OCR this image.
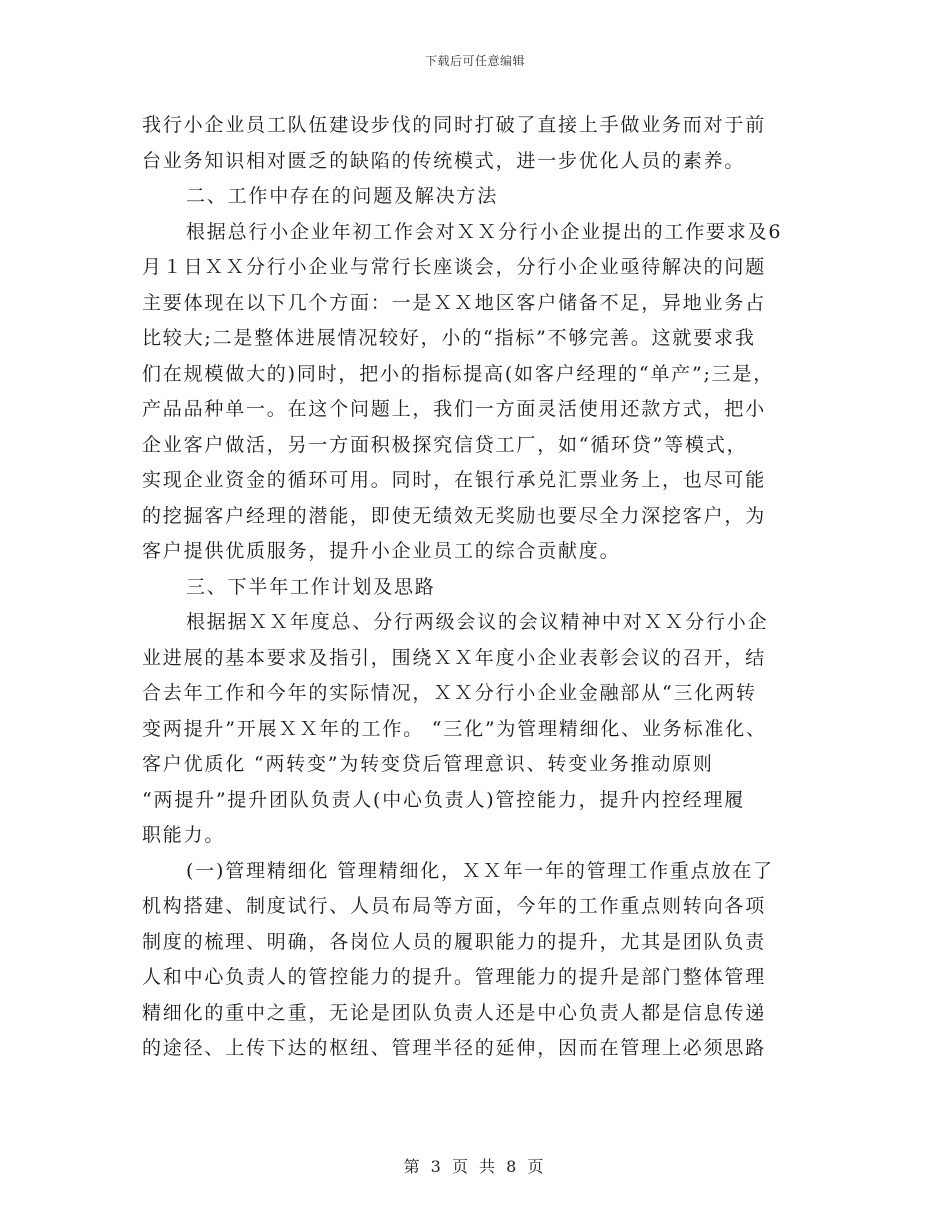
下载后可任意编辑
我行小企业员工队伍建设步伐的同时打破了直接上手做业务而对于前
台业务知识相对匮乏的缺陷的传统模式，进一步优化人员的素养。
二、工作中存在的问题及解决方法
根据总行小企业年初工作会对ＸＸ分行小企业提出的工作要求及6
月１日ＸＸ分行小企业与常行长座谈会，分行小企业亟待解决的问题
主要体现在以下几个方面：一是ＸＸ地区客户储备不足，异地业务占
比较大;二是整体进展情况较好，小的“指标”不够完善。这就要求我
们在规模做大的)同时，把小的指标提高(如客户经理的“单产”;三是，
产品品种单一。在这个问题上，我们一方面灵活使用还款方式，把小
企业客户做活，另一方面积极探究信贷工厂，如“循环贷”等模式，
实现企业资金的循环可用。同时，在银行承兑汇票业务上，也尽可能
的挖掘客户经理的潜能，即使无绩效无奖励也要尽全力深挖客户，为
客户提供优质服务，提升小企业员工的综合贡献度。
三、下半年工作计划及思路
根据据ＸＸ年度总、分行两级会议的会议精神中对ＸＸ分行小企
业进展的基本要求及指引，围绕ＸＸ年度小企业表彰会议的召开，结
合去年工作和今年的实际情况，ＸＸ分行小企业金融部从“三化两转
变两提升”开展ＸＸ年的工作。 “三化”为管理精细化、业务标准化、
客户优质化 “两转变”为转变贷后管理意识、转变业务推动原则
“两提升”提升团队负责人(中心负责人)管控能力，提升内控经理履
职能力。
(一)管理精细化 管理精细化，ＸＸ年一年的管理工作重点放在了
机构搭建、制度试行、人员布局等方面，今年的工作重点则转向各项
制度的梳理、明确，各岗位人员的履职能力的提升，尤其是团队负责
人和中心负责人的管控能力的提升。管理能力的提升是部门整体管理
精细化的重中之重，无论是团队负责人还是中心负责人都是信息传递
的途径、上传下达的枢纽、管理半径的延伸，因而在管理上必须思路
第 3 页 共 8 页
